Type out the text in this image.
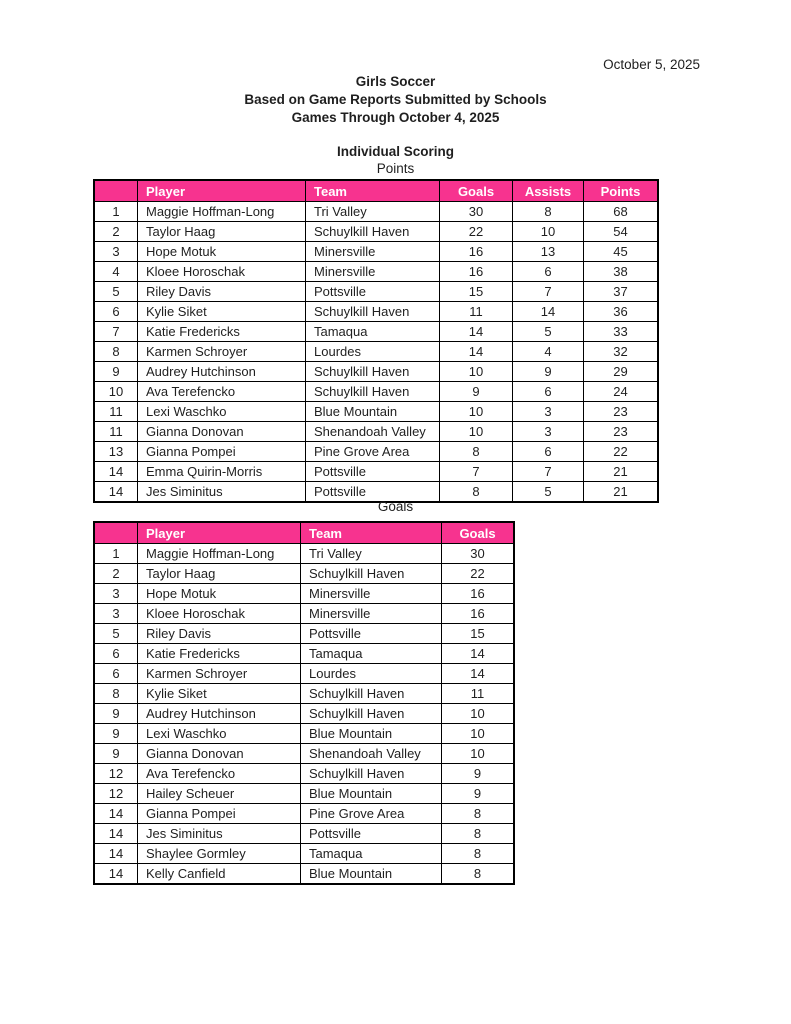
October 5, 2025
Girls Soccer
Based on Game Reports Submitted by Schools
Games Through October 4, 2025
Individual Scoring
Points
	Player	Team	Goals	Assists	Points
1	Maggie Hoffman-Long	Tri Valley	30	8	68
2	Taylor Haag	Schuylkill Haven	22	10	54
3	Hope Motuk	Minersville	16	13	45
4	Kloee Horoschak	Minersville	16	6	38
5	Riley Davis	Pottsville	15	7	37
6	Kylie Siket	Schuylkill Haven	11	14	36
7	Katie Fredericks	Tamaqua	14	5	33
8	Karmen Schroyer	Lourdes	14	4	32
9	Audrey Hutchinson	Schuylkill Haven	10	9	29
10	Ava Terefencko	Schuylkill Haven	9	6	24
11	Lexi Waschko	Blue Mountain	10	3	23
11	Gianna Donovan	Shenandoah Valley	10	3	23
13	Gianna Pompei	Pine Grove Area	8	6	22
14	Emma Quirin-Morris	Pottsville	7	7	21
14	Jes Siminitus	Pottsville	8	5	21
Goals
	Player	Team	Goals
1	Maggie Hoffman-Long	Tri Valley	30
2	Taylor Haag	Schuylkill Haven	22
3	Hope Motuk	Minersville	16
3	Kloee Horoschak	Minersville	16
5	Riley Davis	Pottsville	15
6	Katie Fredericks	Tamaqua	14
6	Karmen Schroyer	Lourdes	14
8	Kylie Siket	Schuylkill Haven	11
9	Audrey Hutchinson	Schuylkill Haven	10
9	Lexi Waschko	Blue Mountain	10
9	Gianna Donovan	Shenandoah Valley	10
12	Ava Terefencko	Schuylkill Haven	9
12	Hailey Scheuer	Blue Mountain	9
14	Gianna Pompei	Pine Grove Area	8
14	Jes Siminitus	Pottsville	8
14	Shaylee Gormley	Tamaqua	8
14	Kelly Canfield	Blue Mountain	8
